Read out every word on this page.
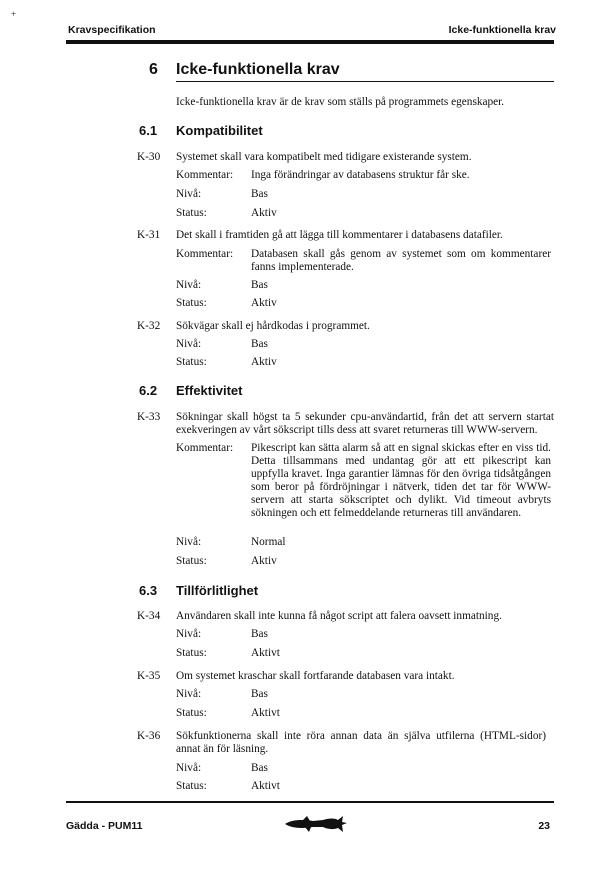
+
Kravspecifikation	Icke-funktionella krav
6 Icke-funktionella krav
Icke-funktionella krav är de krav som ställs på programmets egenskaper.
6.1 Kompatibilitet
K-30 Systemet skall vara kompatibelt med tidigare existerande system.
Kommentar: Inga förändringar av databasens struktur får ske.
Nivå:	Bas
Status:	Aktiv
K-31 Det skall i framtiden gå att lägga till kommentarer i databasens datafiler.
Kommentar: Databasen skall gås genom av systemet som om kommentarer fanns implementerade.
Nivå:	Bas
Status:	Aktiv
K-32 Sökvägar skall ej hårdkodas i programmet.
Nivå:	Bas
Status:	Aktiv
6.2 Effektivitet
K-33 Sökningar skall högst ta 5 sekunder cpu-användartid, från det att servern startat exekveringen av vårt sökscript tills dess att svaret returneras till WWW-servern.
Kommentar: Pikescript kan sätta alarm så att en signal skickas efter en viss tid. Detta tillsammans med undantag gör att ett pikescript kan uppfylla kravet. Inga garantier lämnas för den övriga tidsåtgången som beror på fördröjningar i nätverk, tiden det tar för WWW-servern att starta sökscriptet och dylikt. Vid timeout avbryts sökningen och ett felmeddelande returneras till användaren.
Nivå:	Normal
Status:	Aktiv
6.3 Tillförlitlighet
K-34 Användaren skall inte kunna få något script att falera oavsett inmatning.
Nivå:	Bas
Status:	Aktivt
K-35 Om systemet kraschar skall fortfarande databasen vara intakt.
Nivå:	Bas
Status:	Aktivt
K-36 Sökfunktionerna skall inte röra annan data än själva utfilerna (HTML-sidor) annat än för läsning.
Nivå:	Bas
Status:	Aktivt
Gädda - PUM11	23
